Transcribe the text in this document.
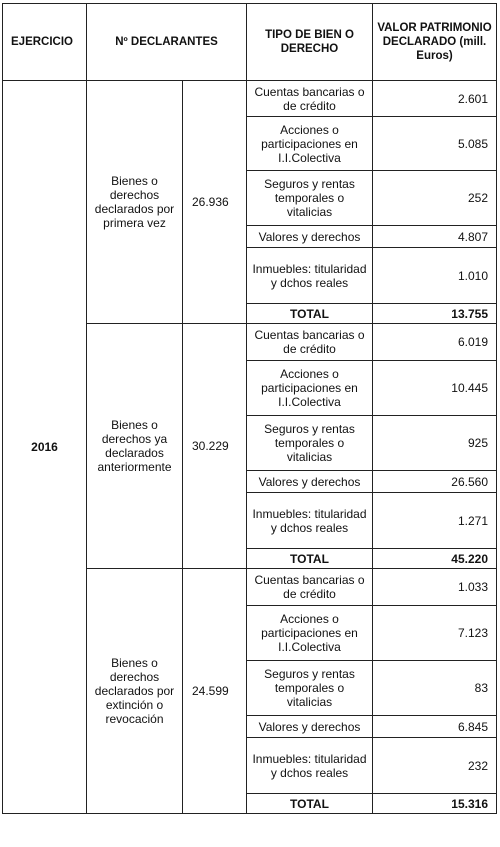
EJERCICIO	Nº DECLARANTES		TIPO DE BIEN O DERECHO	VALOR PATRIMONIO DECLARADO (mill. Euros)
2016	Bienes o derechos declarados por primera vez	26.936	Cuentas bancarias o de crédito	2.601
			Acciones o participaciones en I.I.Colectiva	5.085
			Seguros y rentas temporales o vitalicias	252
			Valores y derechos	4.807
			Inmuebles: titularidad y dchos reales	1.010
			TOTAL	13.755
	Bienes o derechos ya declarados anteriormente	30.229	Cuentas bancarias o de crédito	6.019
			Acciones o participaciones en I.I.Colectiva	10.445
			Seguros y rentas temporales o vitalicias	925
			Valores y derechos	26.560
			Inmuebles: titularidad y dchos reales	1.271
			TOTAL	45.220
	Bienes o derechos declarados por extinción o revocación	24.599	Cuentas bancarias o de crédito	1.033
			Acciones o participaciones en I.I.Colectiva	7.123
			Seguros y rentas temporales o vitalicias	83
			Valores y derechos	6.845
			Inmuebles: titularidad y dchos reales	232
			TOTAL	15.316
